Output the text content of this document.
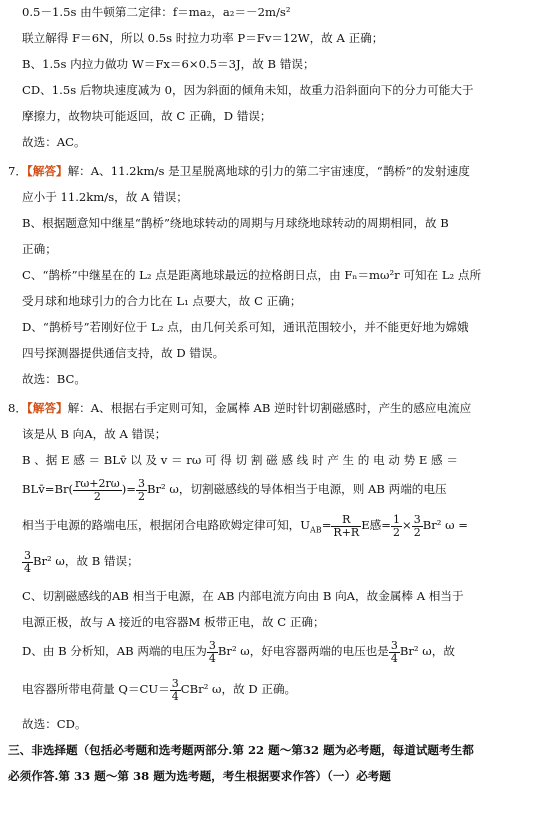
0.5－1.5s 由牛顿第二定律：f＝ma₂，a₂＝－2m/s²

联立解得 F＝6N，所以 0.5s 时拉力功率 P＝Fv＝12W，故 A 正确；

B、1.5s 内拉力做功 W＝Fx＝6×0.5＝3J，故 B 错误；

CD、1.5s 后物块速度减为 0，因为斜面的倾角未知，故重力沿斜面向下的分力可能大于

摩擦力，故物块可能返回，故 C 正确，D 错误；

故选：AC。

7．【解答】解：A、11.2km/s 是卫星脱离地球的引力的第二宇宙速度，“鹊桥”的发射速度

应小于 11.2km/s，故 A 错误；

B、根据题意知中继星“鹊桥”绕地球转动的周期与月球绕地球转动的周期相同，故 B

正确；

C、“鹊桥”中继星在的 L₂ 点是距离地球最远的拉格朗日点，由 Fₙ＝mω²r 可知在 L₂ 点所

受月球和地球引力的合力比在 L₁ 点要大，故 C 正确；

D、“鹊桥号”若刚好位于 L₂ 点，由几何关系可知，通讯范围较小，并不能更好地为嫦娥

四号探测器提供通信支持，故 D 错误。

故选：BC。

8．【解答】解：A、根据右手定则可知，金属棒 AB 逆时针切割磁感时，产生的感应电流应

该是从 B 向A，故 A 错误；

B 、据 E 感 ＝ BLv̄ 以 及 v ＝ rω 可 得 切 割 磁 感 线 时 产 生 的 电 动 势 E 感 ＝

BLv̄=Br( $\frac{r\omega+2r\omega}{2}$ )= $\frac{3}{2} Br^2$ ω，切割磁感线的导体相当于电源，则 AB 两端的电压

相当于电源的路端电压，根据闭合电路欧姆定律可知，$U_{AB}= \frac{R}{R+R}$ E感= $\frac{1}{2} \times \frac{3}{2} Br^2$ ω =

$\frac{3}{4} Br^2$ ω，故 B 错误；

C、切割磁感线的AB 相当于电源，在 AB 内部电流方向由 B 向A，故金属棒 A 相当于

电源正极，故与 A 接近的电容器M 板带正电，故 C 正确；

D、由 B 分析知，AB 两端的电压为 $\frac{3}{4} Br^2$ ω，好电容器两端的电压也是 $\frac{3}{4} Br^2$ ω，故

电容器所带电荷量 $Q=CU= \frac{3}{4} CBr^2$ ω，故 D 正确。

故选：CD。

三、非选择题（包括必考题和选考题两部分.第 22 题～第32 题为必考题，每道试题考生都

必须作答.第 33 题～第 38 题为选考题，考生根据要求作答）（一）必考题
